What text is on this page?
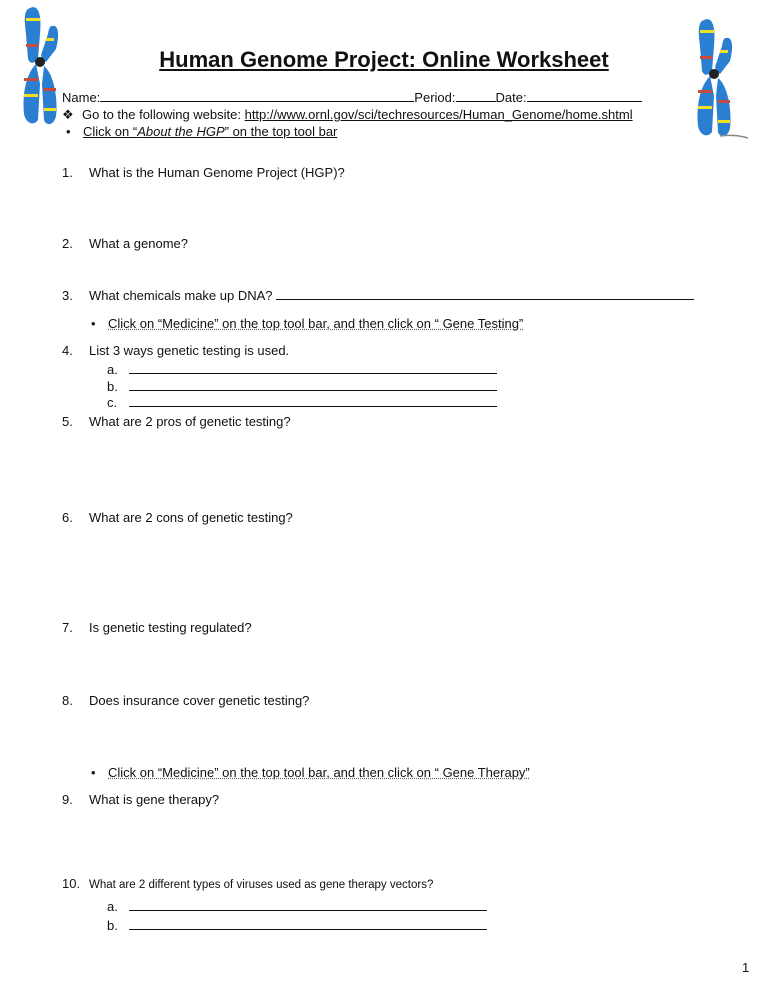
Human Genome Project: Online Worksheet
Name:	Period:	Date:
❖ Go to the following website: http://www.ornl.gov/sci/techresources/Human_Genome/home.shtml
• Click on “About the HGP” on the top tool bar
1. What is the Human Genome Project (HGP)?
2. What a genome?
3. What chemicals make up DNA?
• Click on “Medicine” on the top tool bar, and then click on “ Gene Testing”
4. List 3 ways genetic testing is used.
a.
b.
c.
5. What are 2 pros of genetic testing?
6. What are 2 cons of genetic testing?
7. Is genetic testing regulated?
8. Does insurance cover genetic testing?
• Click on “Medicine” on the top tool bar, and then click on “ Gene Therapy”
9. What is gene therapy?
10. What are 2 different types of viruses used as gene therapy vectors?
a.
b.
1
